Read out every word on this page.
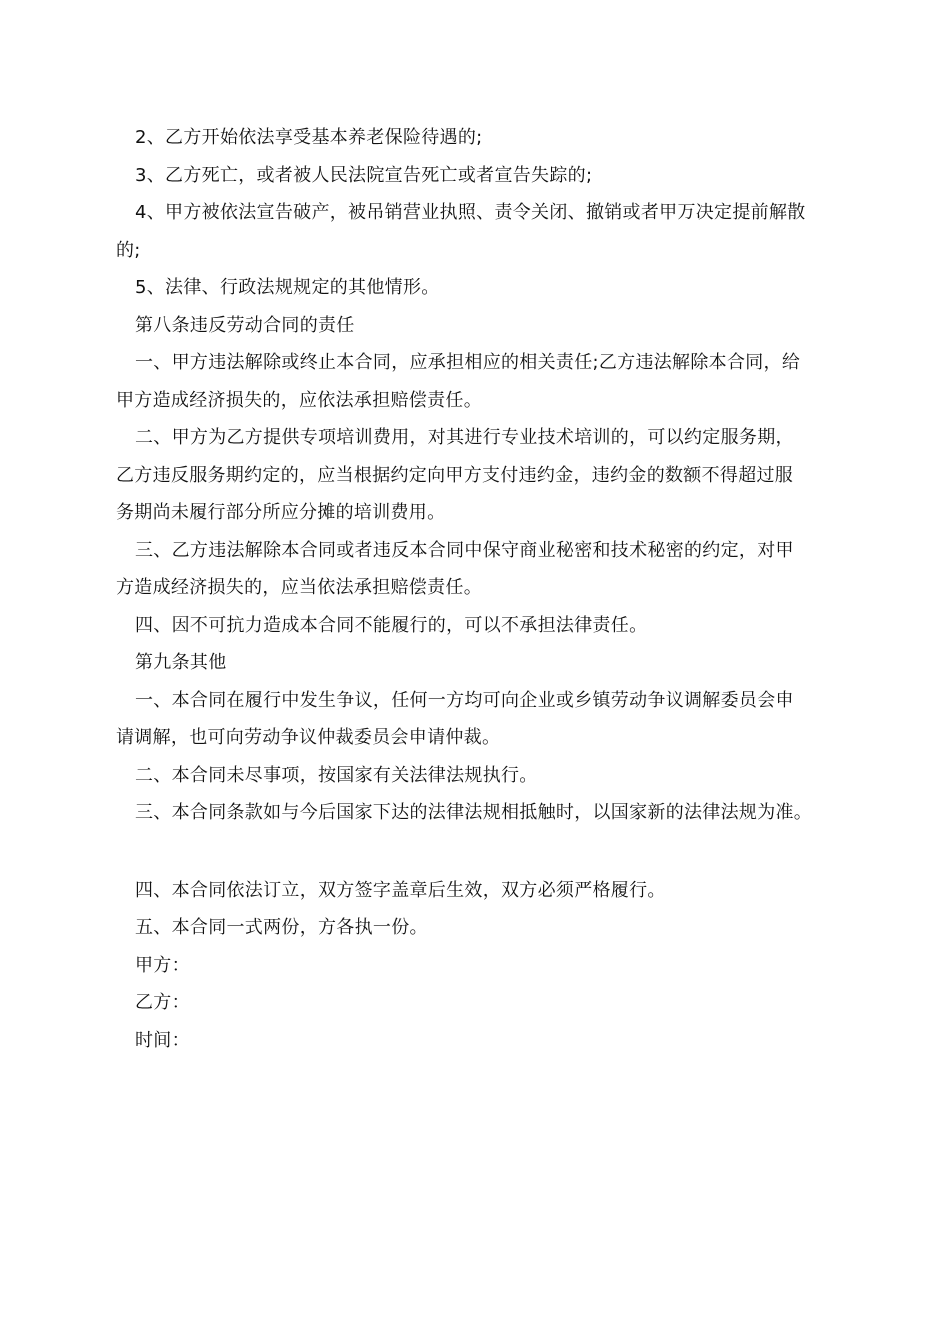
2、乙方开始依法享受基本养老保险待遇的;
3、乙方死亡，或者被人民法院宣告死亡或者宣告失踪的;
4、甲方被依法宣告破产，被吊销营业执照、责令关闭、撤销或者甲万决定提前解散
的;
5、法律、行政法规规定的其他情形。
第八条违反劳动合同的责任
一、甲方违法解除或终止本合同，应承担相应的相关责任;乙方违法解除本合同，给
甲方造成经济损失的，应依法承担赔偿责任。
二、甲方为乙方提供专项培训费用，对其进行专业技术培训的，可以约定服务期，
乙方违反服务期约定的，应当根据约定向甲方支付违约金，违约金的数额不得超过服
务期尚未履行部分所应分摊的培训费用。
三、乙方违法解除本合同或者违反本合同中保守商业秘密和技术秘密的约定，对甲
方造成经济损失的，应当依法承担赔偿责任。
四、因不可抗力造成本合同不能履行的，可以不承担法律责任。
第九条其他
一、本合同在履行中发生争议，任何一方均可向企业或乡镇劳动争议调解委员会申
请调解，也可向劳动争议仲裁委员会申请仲裁。
二、本合同未尽事项，按国家有关法律法规执行。
三、本合同条款如与今后国家下达的法律法规相抵触时，以国家新的法律法规为准。
四、本合同依法订立，双方签字盖章后生效，双方必须严格履行。
五、本合同一式两份，方各执一份。
甲方：
乙方：
时间：
